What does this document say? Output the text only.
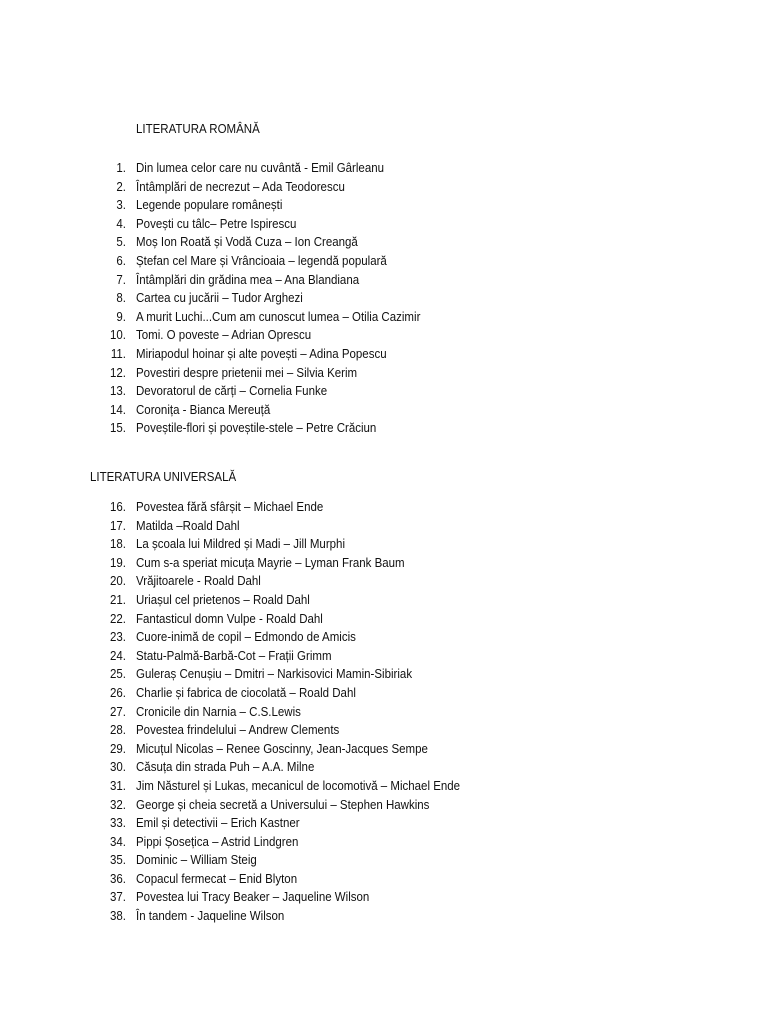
LITERATURA ROMÂNĂ
1. Din lumea celor care nu cuvântă - Emil Gârleanu
2. Întâmplări de necrezut – Ada Teodorescu
3. Legende populare românești
4. Povești cu tâlc– Petre Ispirescu
5. Moș Ion Roată și Vodă Cuza – Ion Creangă
6. Ștefan cel Mare și Vrâncioaia – legendă populară
7. Întâmplări din grădina mea – Ana Blandiana
8. Cartea cu jucării – Tudor Arghezi
9. A murit Luchi...Cum am cunoscut lumea – Otilia Cazimir
10. Tomi. O poveste – Adrian Oprescu
11. Miriapodul hoinar și alte povești – Adina Popescu
12. Povestiri despre prietenii mei – Silvia Kerim
13. Devoratorul de cărți – Cornelia Funke
14. Coronița - Bianca Mereuță
15. Poveștile-flori și poveștile-stele – Petre Crăciun
LITERATURA UNIVERSALĂ
16. Povestea fără sfârșit – Michael Ende
17. Matilda –Roald Dahl
18. La școala lui Mildred și Madi – Jill Murphi
19. Cum s-a speriat micuța Mayrie – Lyman Frank Baum
20. Vrăjitoarele - Roald Dahl
21. Uriașul cel prietenos – Roald Dahl
22. Fantasticul domn Vulpe - Roald Dahl
23. Cuore-inimă de copil – Edmondo de Amicis
24. Statu-Palmă-Barbă-Cot – Frații Grimm
25. Gulerаș Cenușiu – Dmitri – Narkisovici Mamin-Sibiriak
26. Charlie și fabrica de ciocolată – Roald Dahl
27. Cronicile din Narnia – C.S.Lewis
28. Povestea frindelului – Andrew Clements
29. Micuțul Nicolas – Renee Goscinny, Jean-Jacques Sempe
30. Căsuța din strada Puh – A.A. Milne
31. Jim Năsturel și Lukas, mecanicul de locomotivă – Michael Ende
32. George și cheia secretă a Universului – Stephen Hawkins
33. Emil și detectivii – Erich Kastner
34. Pippi Șosețica – Astrid Lindgren
35. Dominic – William Steig
36. Copacul fermecat – Enid Blyton
37. Povestea lui Tracy Beaker – Jaqueline Wilson
38. În tandem - Jaqueline Wilson
